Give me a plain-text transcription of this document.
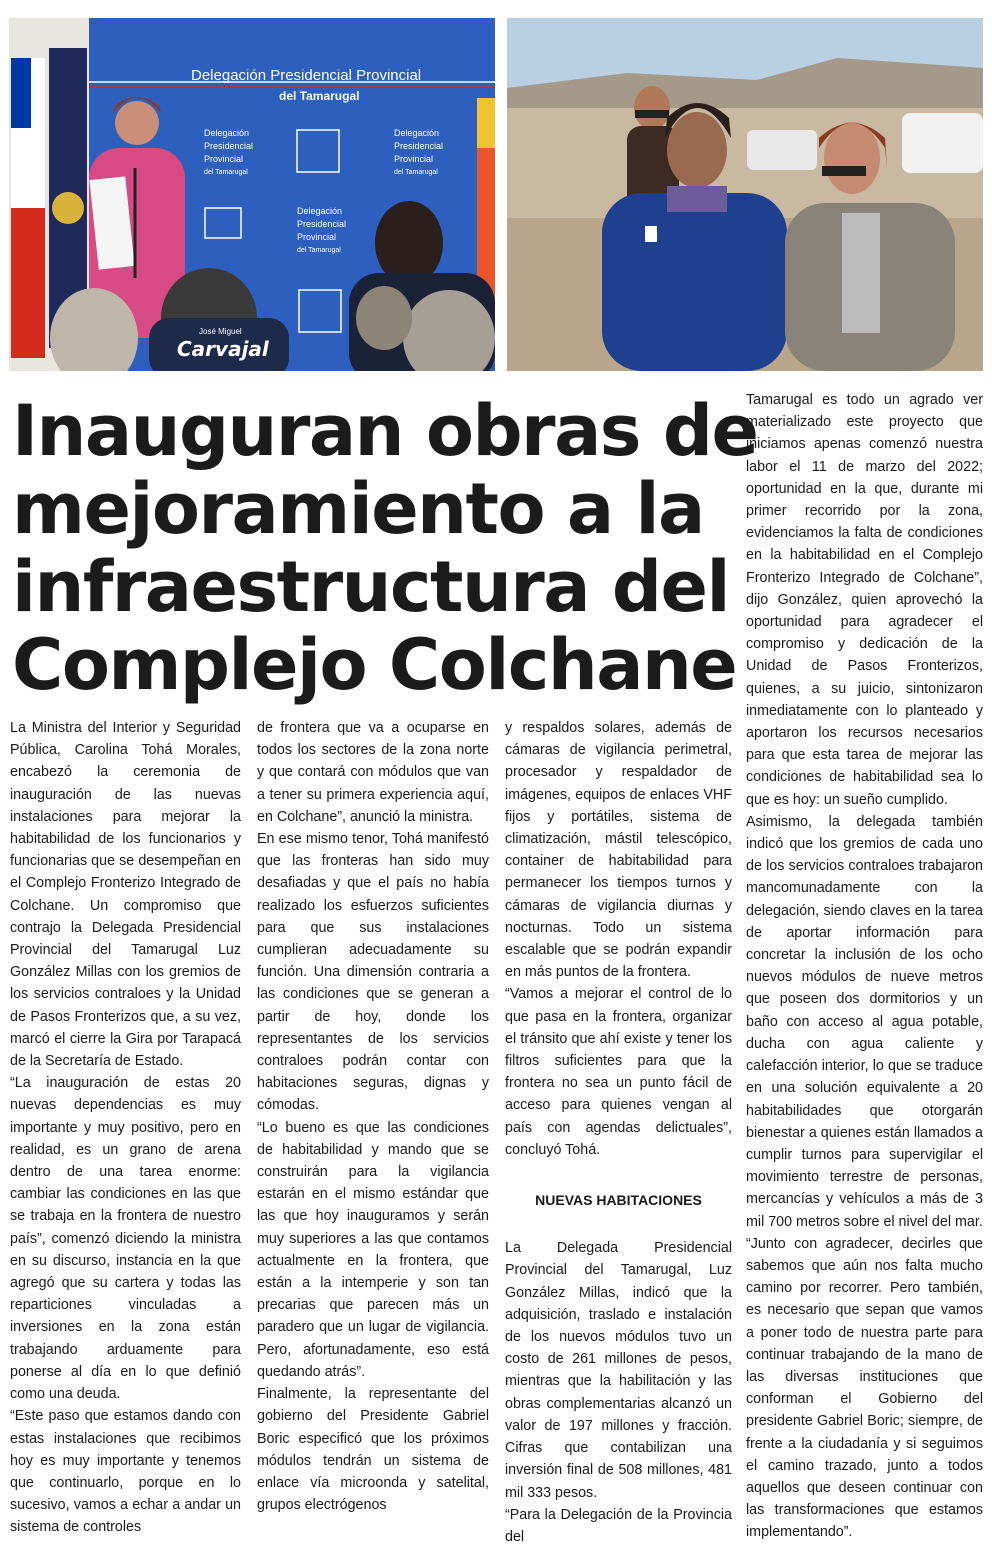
Delegación Presidencial Provincial
del Tamarugal
Delegación
Presidencial
Provincial
del Tamarugal
Delegación
Presidencial
Provincial
del Tamarugal
Delegación
Presidencial
Provincial
del Tamarugal
José Miguel
Carvajal
Inauguran obras de
mejoramiento a la
infraestructura del
Complejo Colchane

La Ministra del Interior y Seguridad Pública, Carolina Tohá Morales, encabezó la ceremonia de inauguración de las nuevas instalaciones para mejorar la habitabilidad de los funcionarios y funcionarias que se desempeñan en el Complejo Fronterizo Integrado de Colchane. Un compromiso que contrajo la Delegada Presidencial Provincial del Tamarugal Luz González Millas con los gremios de los servicios contraloes y la Unidad de Pasos Fronterizos que, a su vez, marcó el cierre la Gira por Tarapacá de la Secretaría de Estado.

“La inauguración de estas 20 nuevas dependencias es muy importante y muy positivo, pero en realidad, es un grano de arena dentro de una tarea enorme: cambiar las condiciones en las que se trabaja en la frontera de nuestro país”, comenzó diciendo la ministra en su discurso, instancia en la que agregó que su cartera y todas las reparticiones vinculadas a inversiones en la zona están trabajando arduamente para ponerse al día en lo que definió como una deuda.

“Este paso que estamos dando con estas instalaciones que recibimos hoy es muy importante y tenemos que continuarlo, porque en lo sucesivo, vamos a echar a andar un sistema de controles

de frontera que va a ocuparse en todos los sectores de la zona norte y que contará con módulos que van a tener su primera experiencia aquí, en Colchane”, anunció la ministra.

En ese mismo tenor, Tohá manifestó que las fronteras han sido muy desafiadas y que el país no había realizado los esfuerzos suficientes para que sus instalaciones cumplieran adecuadamente su función. Una dimensión contraria a las condiciones que se generan a partir de hoy, donde los representantes de los servicios contraloes podrán contar con habitaciones seguras, dignas y cómodas.

“Lo bueno es que las condiciones de habitabilidad y mando que se construirán para la vigilancia estarán en el mismo estándar que las que hoy inauguramos y serán muy superiores a las que contamos actualmente en la frontera, que están a la intemperie y son tan precarias que parecen más un paradero que un lugar de vigilancia. Pero, afortunadamente, eso está quedando atrás”.

Finalmente, la representante del gobierno del Presidente Gabriel Boric especificó que los próximos módulos tendrán un sistema de enlace vía microonda y satelital, grupos electrógenos

y respaldos solares, además de cámaras de vigilancia perimetral, procesador y respaldador de imágenes, equipos de enlaces VHF fijos y portátiles, sistema de climatización, mástil telescópico, container de habitabilidad para permanecer los tiempos turnos y cámaras de vigilancia diurnas y nocturnas. Todo un sistema escalable que se podrán expandir en más puntos de la frontera.

“Vamos a mejorar el control de lo que pasa en la frontera, organizar el tránsito que ahí existe y tener los filtros suficientes para que la frontera no sea un punto fácil de acceso para quienes vengan al país con agendas delictuales”, concluyó Tohá.

NUEVAS HABITACIONES

La Delegada Presidencial Provincial del Tamarugal, Luz González Millas, indicó que la adquisición, traslado e instalación de los nuevos módulos tuvo un costo de 261 millones de pesos, mientras que la habilitación y las obras complementarias alcanzó un valor de 197 millones y fracción. Cifras que contabilizan una inversión final de 508 millones, 481 mil 333 pesos.

“Para la Delegación de la Provincia del

Tamarugal es todo un agrado ver materializado este proyecto que iniciamos apenas comenzó nuestra labor el 11 de marzo del 2022; oportunidad en la que, durante mi primer recorrido por la zona, evidenciamos la falta de condiciones en la habitabilidad en el Complejo Fronterizo Integrado de Colchane”, dijo González, quien aprovechó la oportunidad para agradecer el compromiso y dedicación de la Unidad de Pasos Fronterizos, quienes, a su juicio, sintonizaron inmediatamente con lo planteado y aportaron los recursos necesarios para que esta tarea de mejorar las condiciones de habitabilidad sea lo que es hoy: un sueño cumplido.

Asimismo, la delegada también indicó que los gremios de cada uno de los servicios contraloes trabajaron mancomunadamente con la delegación, siendo claves en la tarea de aportar información para concretar la inclusión de los ocho nuevos módulos de nueve metros que poseen dos dormitorios y un baño con acceso al agua potable, ducha con agua caliente y calefacción interior, lo que se traduce en una solución equivalente a 20 habitabilidades que otorgarán bienestar a quienes están llamados a cumplir turnos para supervigilar el movimiento terrestre de personas, mercancías y vehículos a más de 3 mil 700 metros sobre el nivel del mar.

“Junto con agradecer, decirles que sabemos que aún nos falta mucho camino por recorrer. Pero también, es necesario que sepan que vamos a poner todo de nuestra parte para continuar trabajando de la mano de las diversas instituciones que conforman el Gobierno del presidente Gabriel Boric; siempre, de frente a la ciudadanía y si seguimos el camino trazado, junto a todos aquellos que deseen continuar con las transformaciones que estamos implementando”.
